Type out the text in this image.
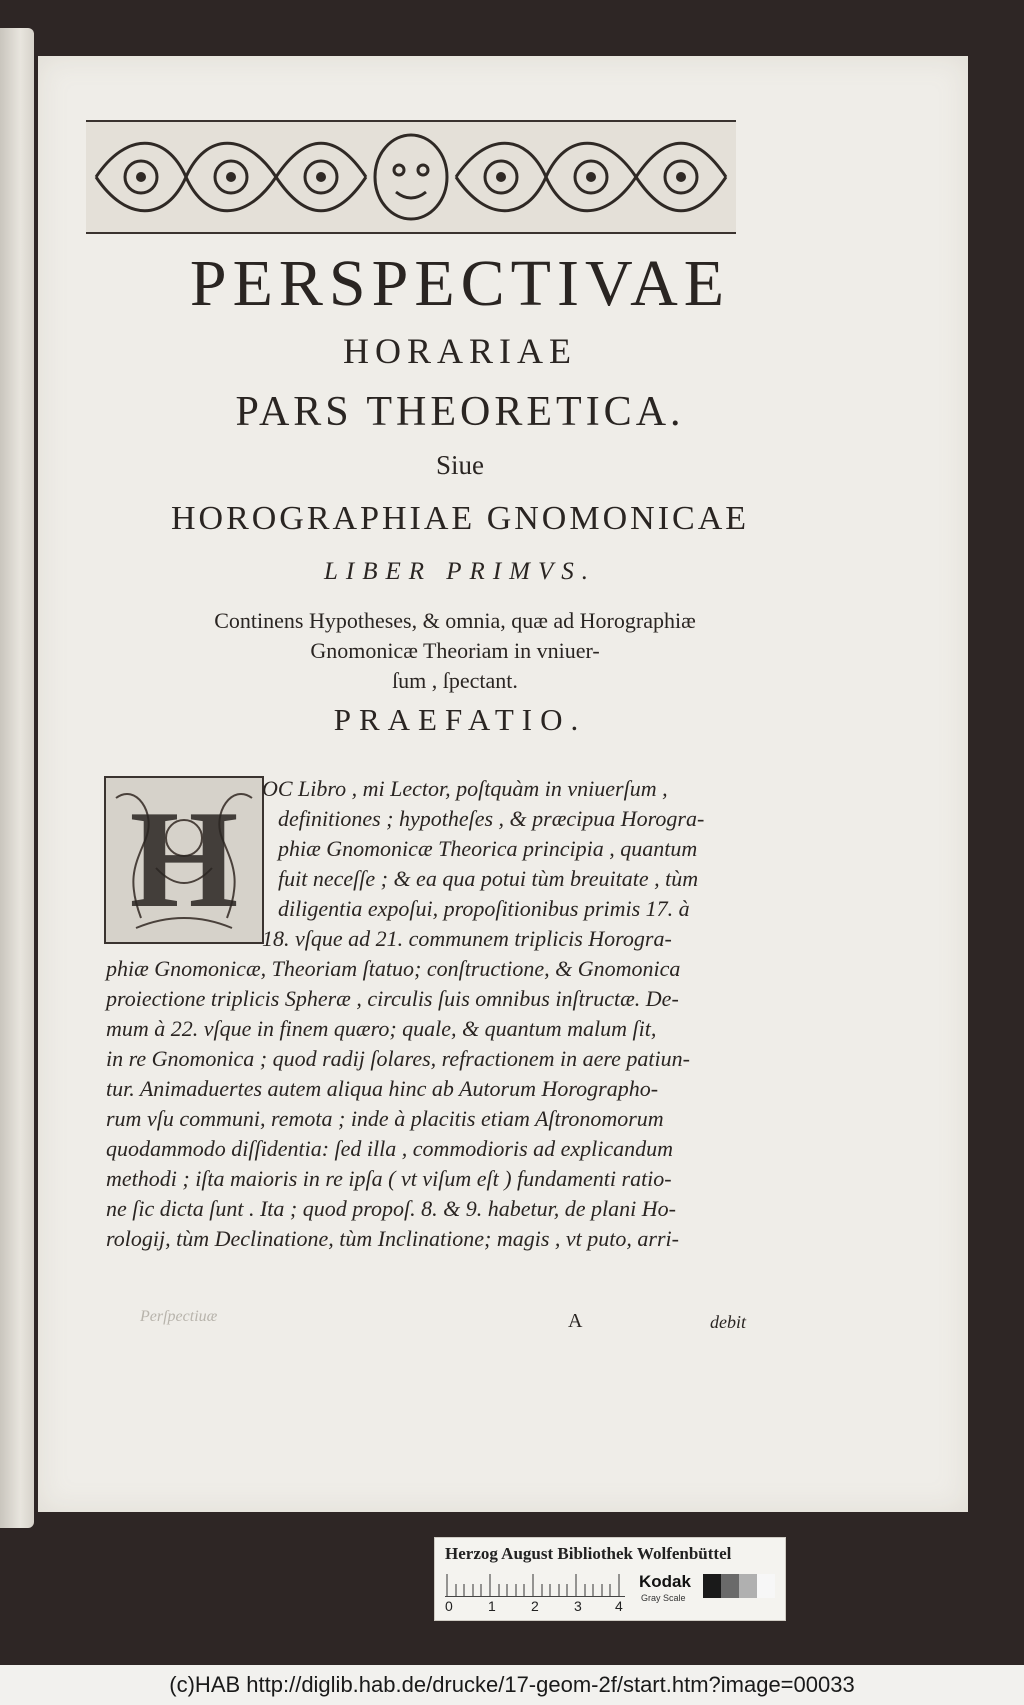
PERSPECTIVAE
HORARIAE
PARS THEORETICA.
Siue
HOROGRAPHIAE GNOMONICAE
LIBER PRIMVS.
Continens Hypotheses, & omnia, quæ ad Horographiæ
Gnomonicæ Theoriam in vniuer-
ſum , ſpectant.
PRAEFATIO.
H	OC Libro , mi Lector, poſtquàm in vniuerſum ,
definitiones ; hypotheſes , & præcipua Horogra-
phiæ Gnomonicæ Theorica principia , quantum
fuit neceſſe ; & ea qua potui tùm breuitate , tùm
diligentia expoſui, propoſitionibus primis 17. à
18. vſque ad 21. communem triplicis Horogra-
phiæ Gnomonicæ, Theoriam ſtatuo; conſtructione, & Gnomonica
proiectione triplicis Spheræ , circulis ſuis omnibus inſtructæ. De-
mum à 22. vſque in finem quæro; quale, & quantum malum ſit,
in re Gnomonica ; quod radij ſolares, refractionem in aere patiun-
tur. Animaduertes autem aliqua hinc ab Autorum Horographo-
rum vſu communi, remota ; inde à placitis etiam Aſtronomorum
quodammodo diſſidentia: ſed illa , commodioris ad explicandum
methodi ; iſta maioris in re ipſa ( vt viſum eſt ) fundamenti ratio-
ne ſic dicta ſunt . Ita ; quod propoſ. 8. & 9. habetur, de plani Ho-
rologij, tùm Declinatione, tùm Inclinatione; magis , vt puto, arri-
Perſpectiuæ	A	debit
Herzog August Bibliothek Wolfenbüttel
0	1	2	3 4
Kodak
Gray Scale
(c)HAB http://diglib.hab.de/drucke/17-geom-2f/start.htm?image=00033
